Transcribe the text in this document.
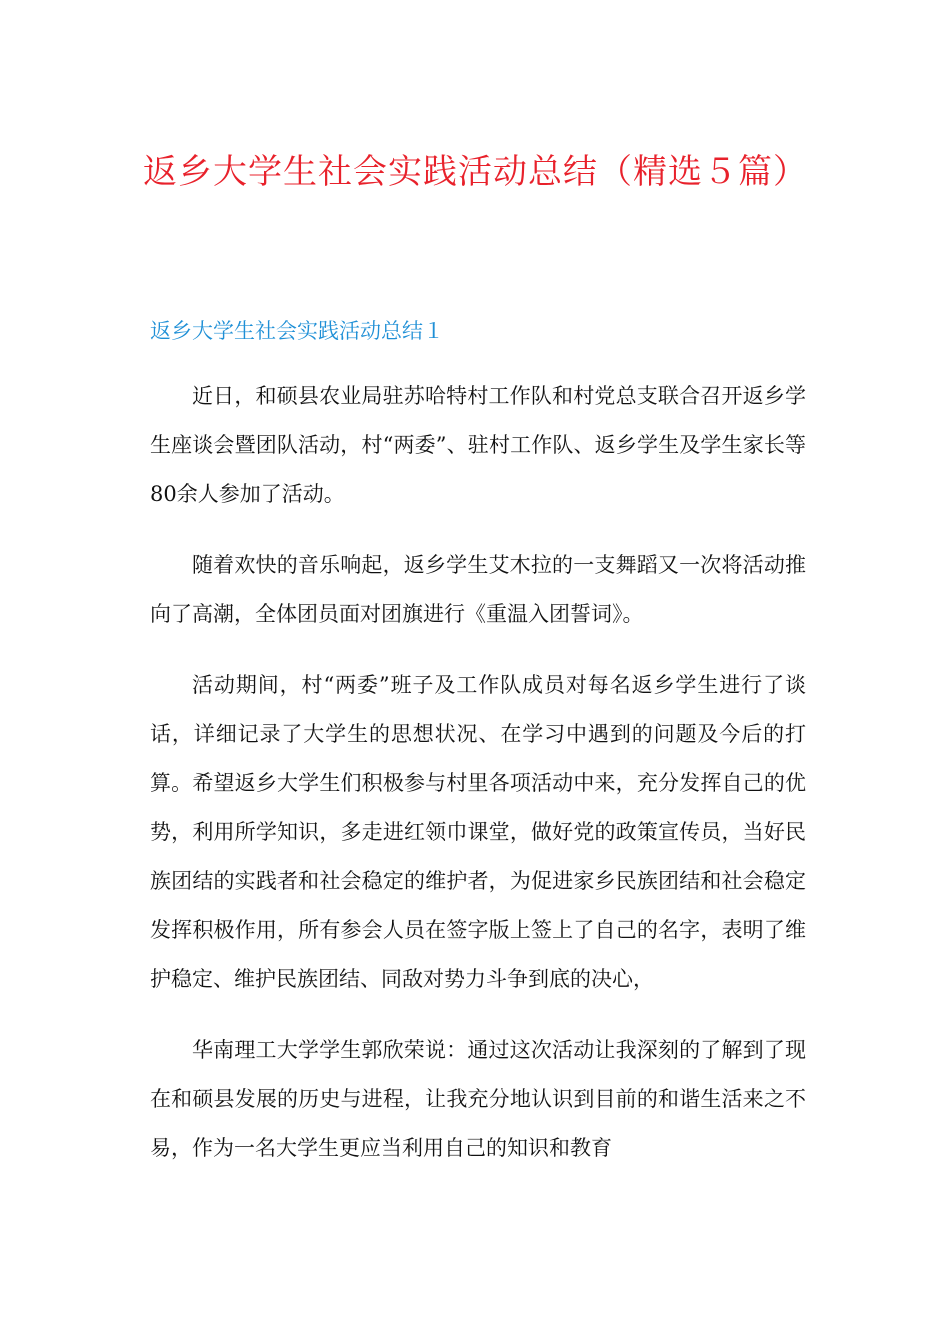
返乡大学生社会实践活动总结（精选５篇）
返乡大学生社会实践活动总结１

近日，和硕县农业局驻苏哈特村工作队和村党总支联合召开返乡学生座谈会暨团队活动，村“两委”、驻村工作队、返乡学生及学生家长等80余人参加了活动。

随着欢快的音乐响起，返乡学生艾木拉的一支舞蹈又一次将活动推向了高潮，全体团员面对团旗进行《重温入团誓词》。

活动期间，村“两委”班子及工作队成员对每名返乡学生进行了谈话，详细记录了大学生的思想状况、在学习中遇到的问题及今后的打算。希望返乡大学生们积极参与村里各项活动中来，充分发挥自己的优势，利用所学知识，多走进红领巾课堂，做好党的政策宣传员，当好民族团结的实践者和社会稳定的维护者，为促进家乡民族团结和社会稳定发挥积极作用，所有参会人员在签字版上签上了自己的名字，表明了维护稳定、维护民族团结、同敌对势力斗争到底的决心，

华南理工大学学生郭欣荣说：通过这次活动让我深刻的了解到了现在和硕县发展的历史与进程，让我充分地认识到目前的和谐生活来之不易，作为一名大学生更应当利用自己的知识和教育
